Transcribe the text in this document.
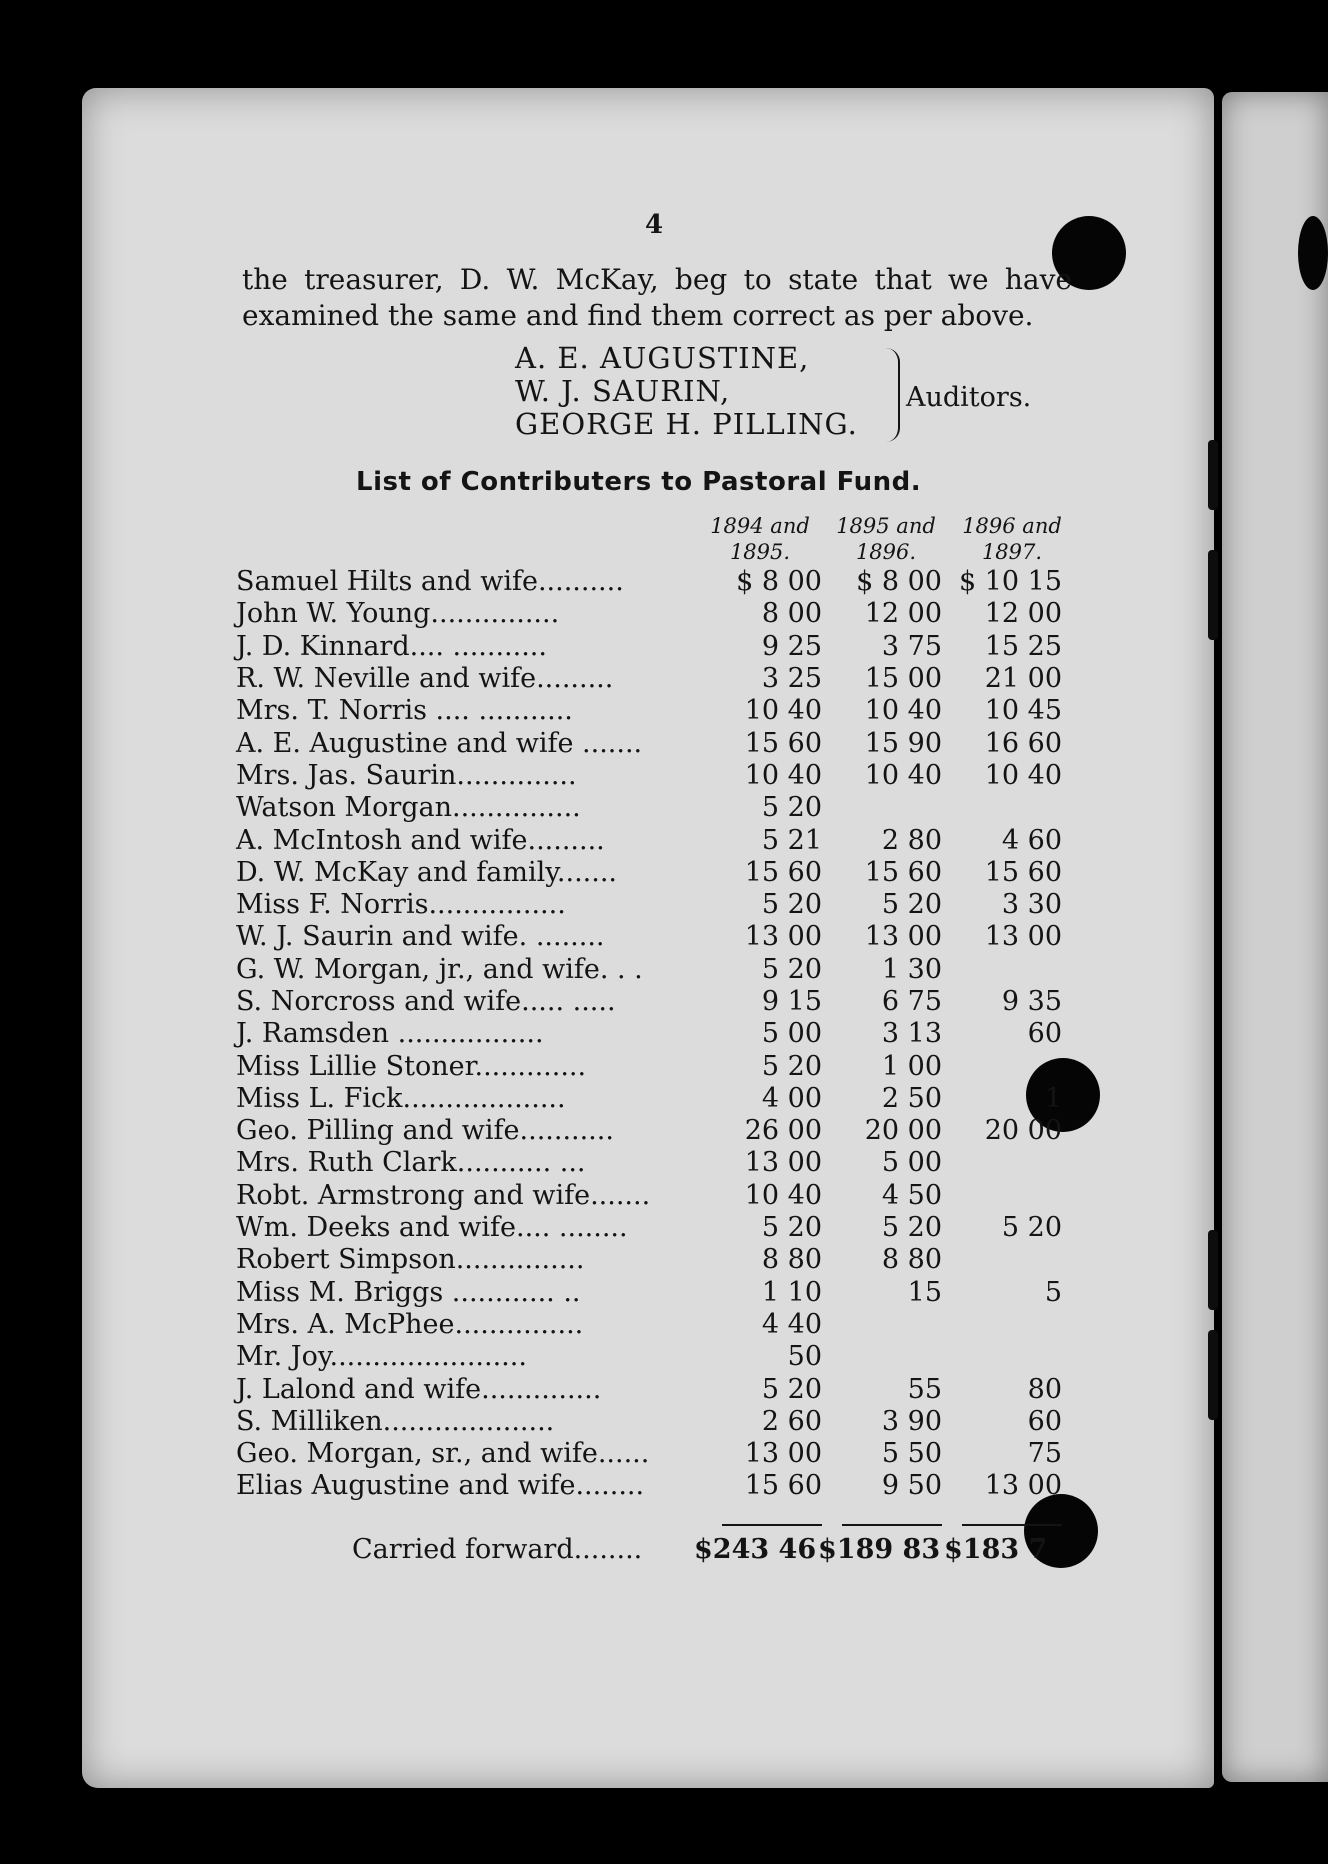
4
the treasurer, D. W. McKay, beg to state that we have examined the same and find them correct as per above.
A. E. AUGUSTINE,
W. J. SAURIN,
GEORGE H. PILLING.
Auditors.
List of Contributers to Pastoral Fund.
1894 and
1895.
1895 and
1896.
1896 and
1897.
Samuel Hilts and wife..........	$ 8 00	$ 8 00	$ 10 15
John W. Young...............	8 00	12 00	12 00
J. D. Kinnard.... ...........	9 25	3 75	15 25
R. W. Neville and wife.........	3 25	15 00	21 00
Mrs. T. Norris .... ...........	10 40	10 40	10 45
A. E. Augustine and wife .......	15 60	15 90	16 60
Mrs. Jas. Saurin..............	10 40	10 40	10 40
Watson Morgan...............	5 20		
A. McIntosh and wife.........	5 21	2 80	4 60
D. W. McKay and family.......	15 60	15 60	15 60
Miss F. Norris................	5 20	5 20	3 30
W. J. Saurin and wife. ........	13 00	13 00	13 00
G. W. Morgan, jr., and wife. . .	5 20	1 30	
S. Norcross and wife..... .....	9 15	6 75	9 35
J. Ramsden .................	5 00	3 13	60
Miss Lillie Stoner.............	5 20	1 00	
Miss L. Fick...................	4 00	2 50	1
Geo. Pilling and wife...........	26 00	20 00	20 00
Mrs. Ruth Clark........... ...	13 00	5 00	
Robt. Armstrong and wife.......	10 40	4 50	
Wm. Deeks and wife.... ........	5 20	5 20	5 20
Robert Simpson...............	8 80	8 80	
Miss M. Briggs ............ ..	1 10	15	5
Mrs. A. McPhee...............	4 40		
Mr. Joy.......................	50		
J. Lalond and wife..............	5 20	55	80
S. Milliken....................	2 60	3 90	60
Geo. Morgan, sr., and wife......	13 00	5 50	75
Elias Augustine and wife........	15 60	9 50	13 00

Carried forward........ $243 46 $189 83 $183 7
